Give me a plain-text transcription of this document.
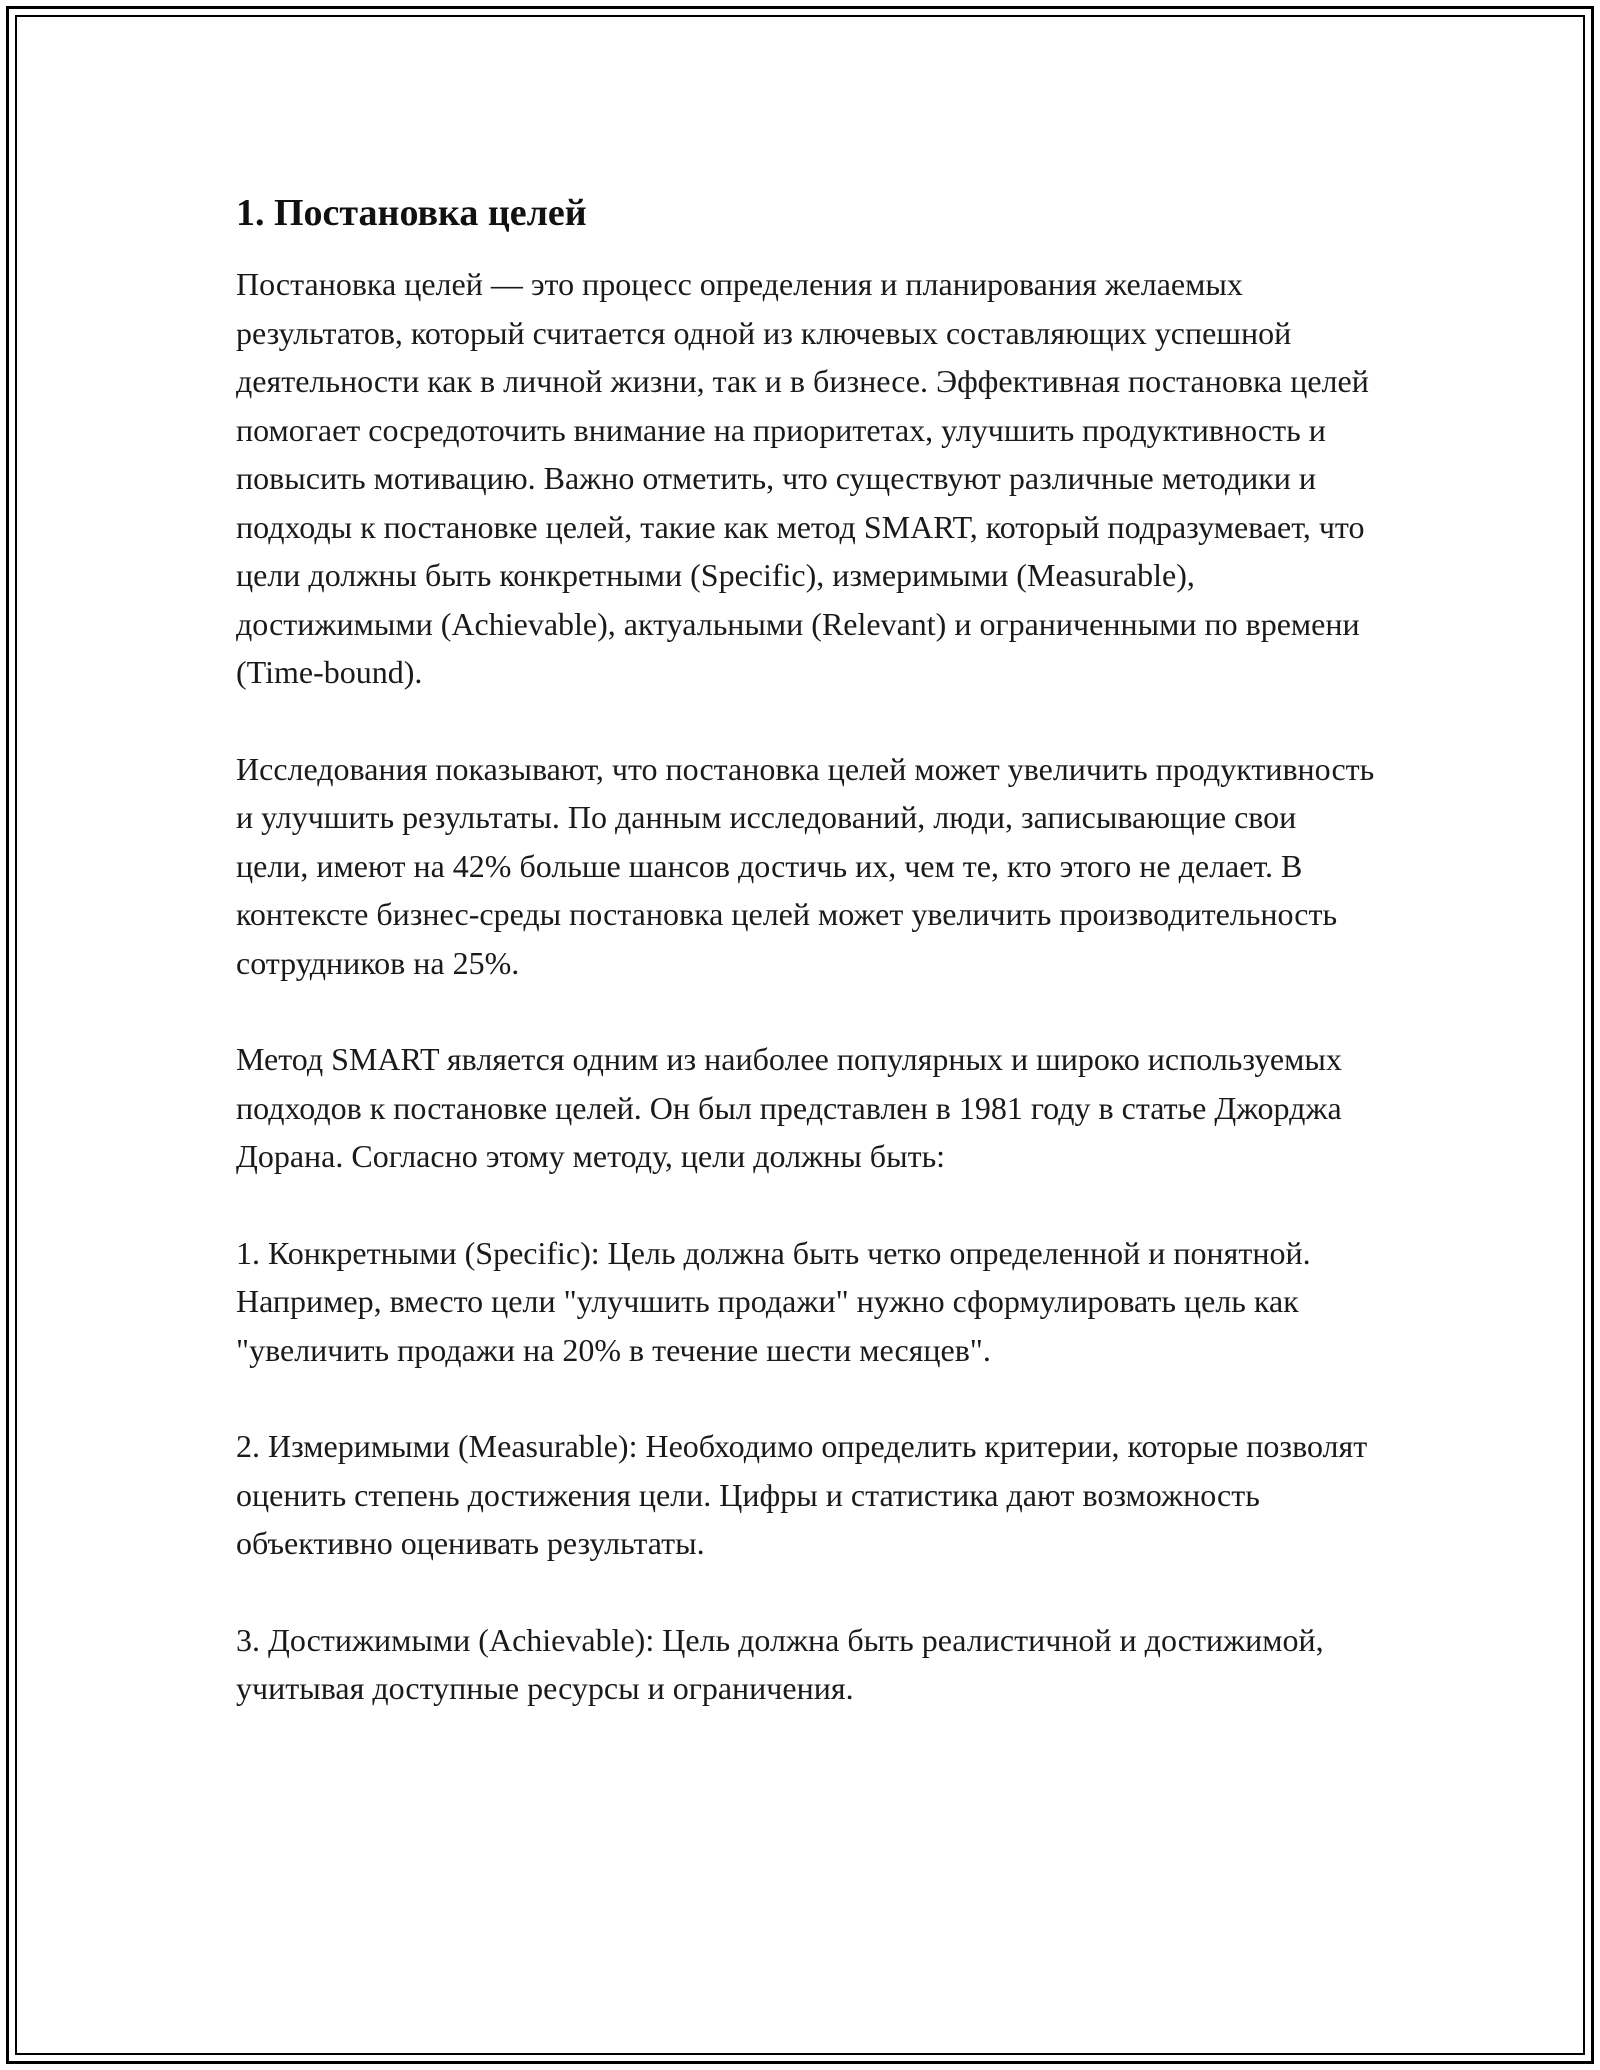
1. Постановка целей

Постановка целей — это процесс определения и планирования желаемых результатов, который считается одной из ключевых составляющих успешной деятельности как в личной жизни, так и в бизнесе. Эффективная постановка целей помогает сосредоточить внимание на приоритетах, улучшить продуктивность и повысить мотивацию. Важно отметить, что существуют различные методики и подходы к постановке целей, такие как метод SMART, который подразумевает, что цели должны быть конкретными (Specific), измеримыми (Measurable), достижимыми (Achievable), актуальными (Relevant) и ограниченными по времени (Time-bound).

Исследования показывают, что постановка целей может увеличить продуктивность и улучшить результаты. По данным исследований, люди, записывающие свои цели, имеют на 42% больше шансов достичь их, чем те, кто этого не делает. В контексте бизнес-среды постановка целей может увеличить производительность сотрудников на 25%.

Метод SMART является одним из наиболее популярных и широко используемых подходов к постановке целей. Он был представлен в 1981 году в статье Джорджа Дорана. Согласно этому методу, цели должны быть:

1. Конкретными (Specific): Цель должна быть четко определенной и понятной. Например, вместо цели "улучшить продажи" нужно сформулировать цель как "увеличить продажи на 20% в течение шести месяцев".

2. Измеримыми (Measurable): Необходимо определить критерии, которые позволят оценить степень достижения цели. Цифры и статистика дают возможность объективно оценивать результаты.

3. Достижимыми (Achievable): Цель должна быть реалистичной и достижимой, учитывая доступные ресурсы и ограничения.
